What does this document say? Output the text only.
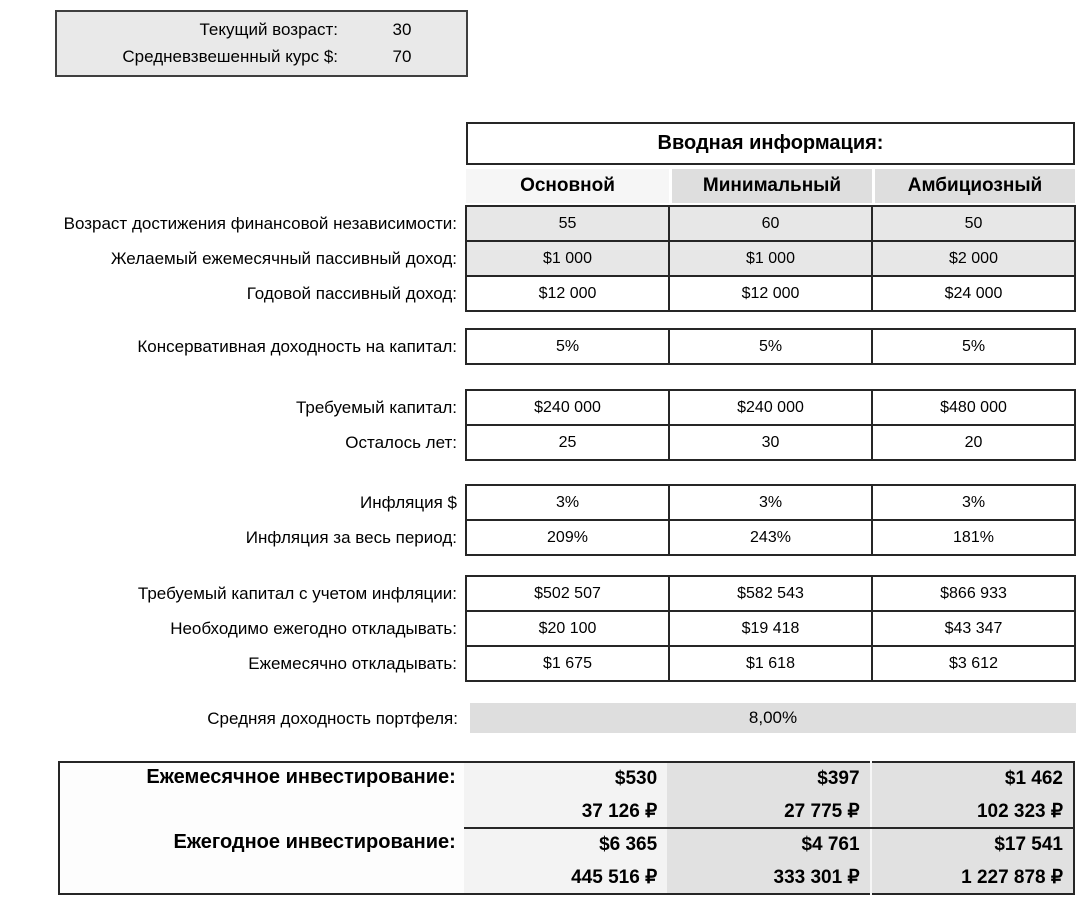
Текущий возраст:	30
Средневзвешенный курс $:	70
Вводная информация:
Основной	Минимальный	Амбициозный
Возраст достижения финансовой независимости:	55	60	50
Желаемый ежемесячный пассивный доход:	$1 000	$1 000	$2 000
Годовой пассивный доход:	$12 000	$12 000	$24 000
Консервативная доходность на капитал:	5%	5%	5%
Требуемый капитал:	$240 000	$240 000	$480 000
Осталось лет:	25	30	20
Инфляция $	3%	3%	3%
Инфляция за весь период:	209%	243%	181%
Требуемый капитал с учетом инфляции:	$502 507	$582 543	$866 933
Необходимо ежегодно откладывать:	$20 100	$19 418	$43 347
Ежемесячно откладывать:	$1 675	$1 618	$3 612
Средняя доходность портфеля:	8,00%
Ежемесячное инвестирование:	$530	$397	$1 462
	37 126 ₽	27 775 ₽	102 323 ₽
Ежегодное инвестирование:	$6 365	$4 761	$17 541
	445 516 ₽	333 301 ₽	1 227 878 ₽
